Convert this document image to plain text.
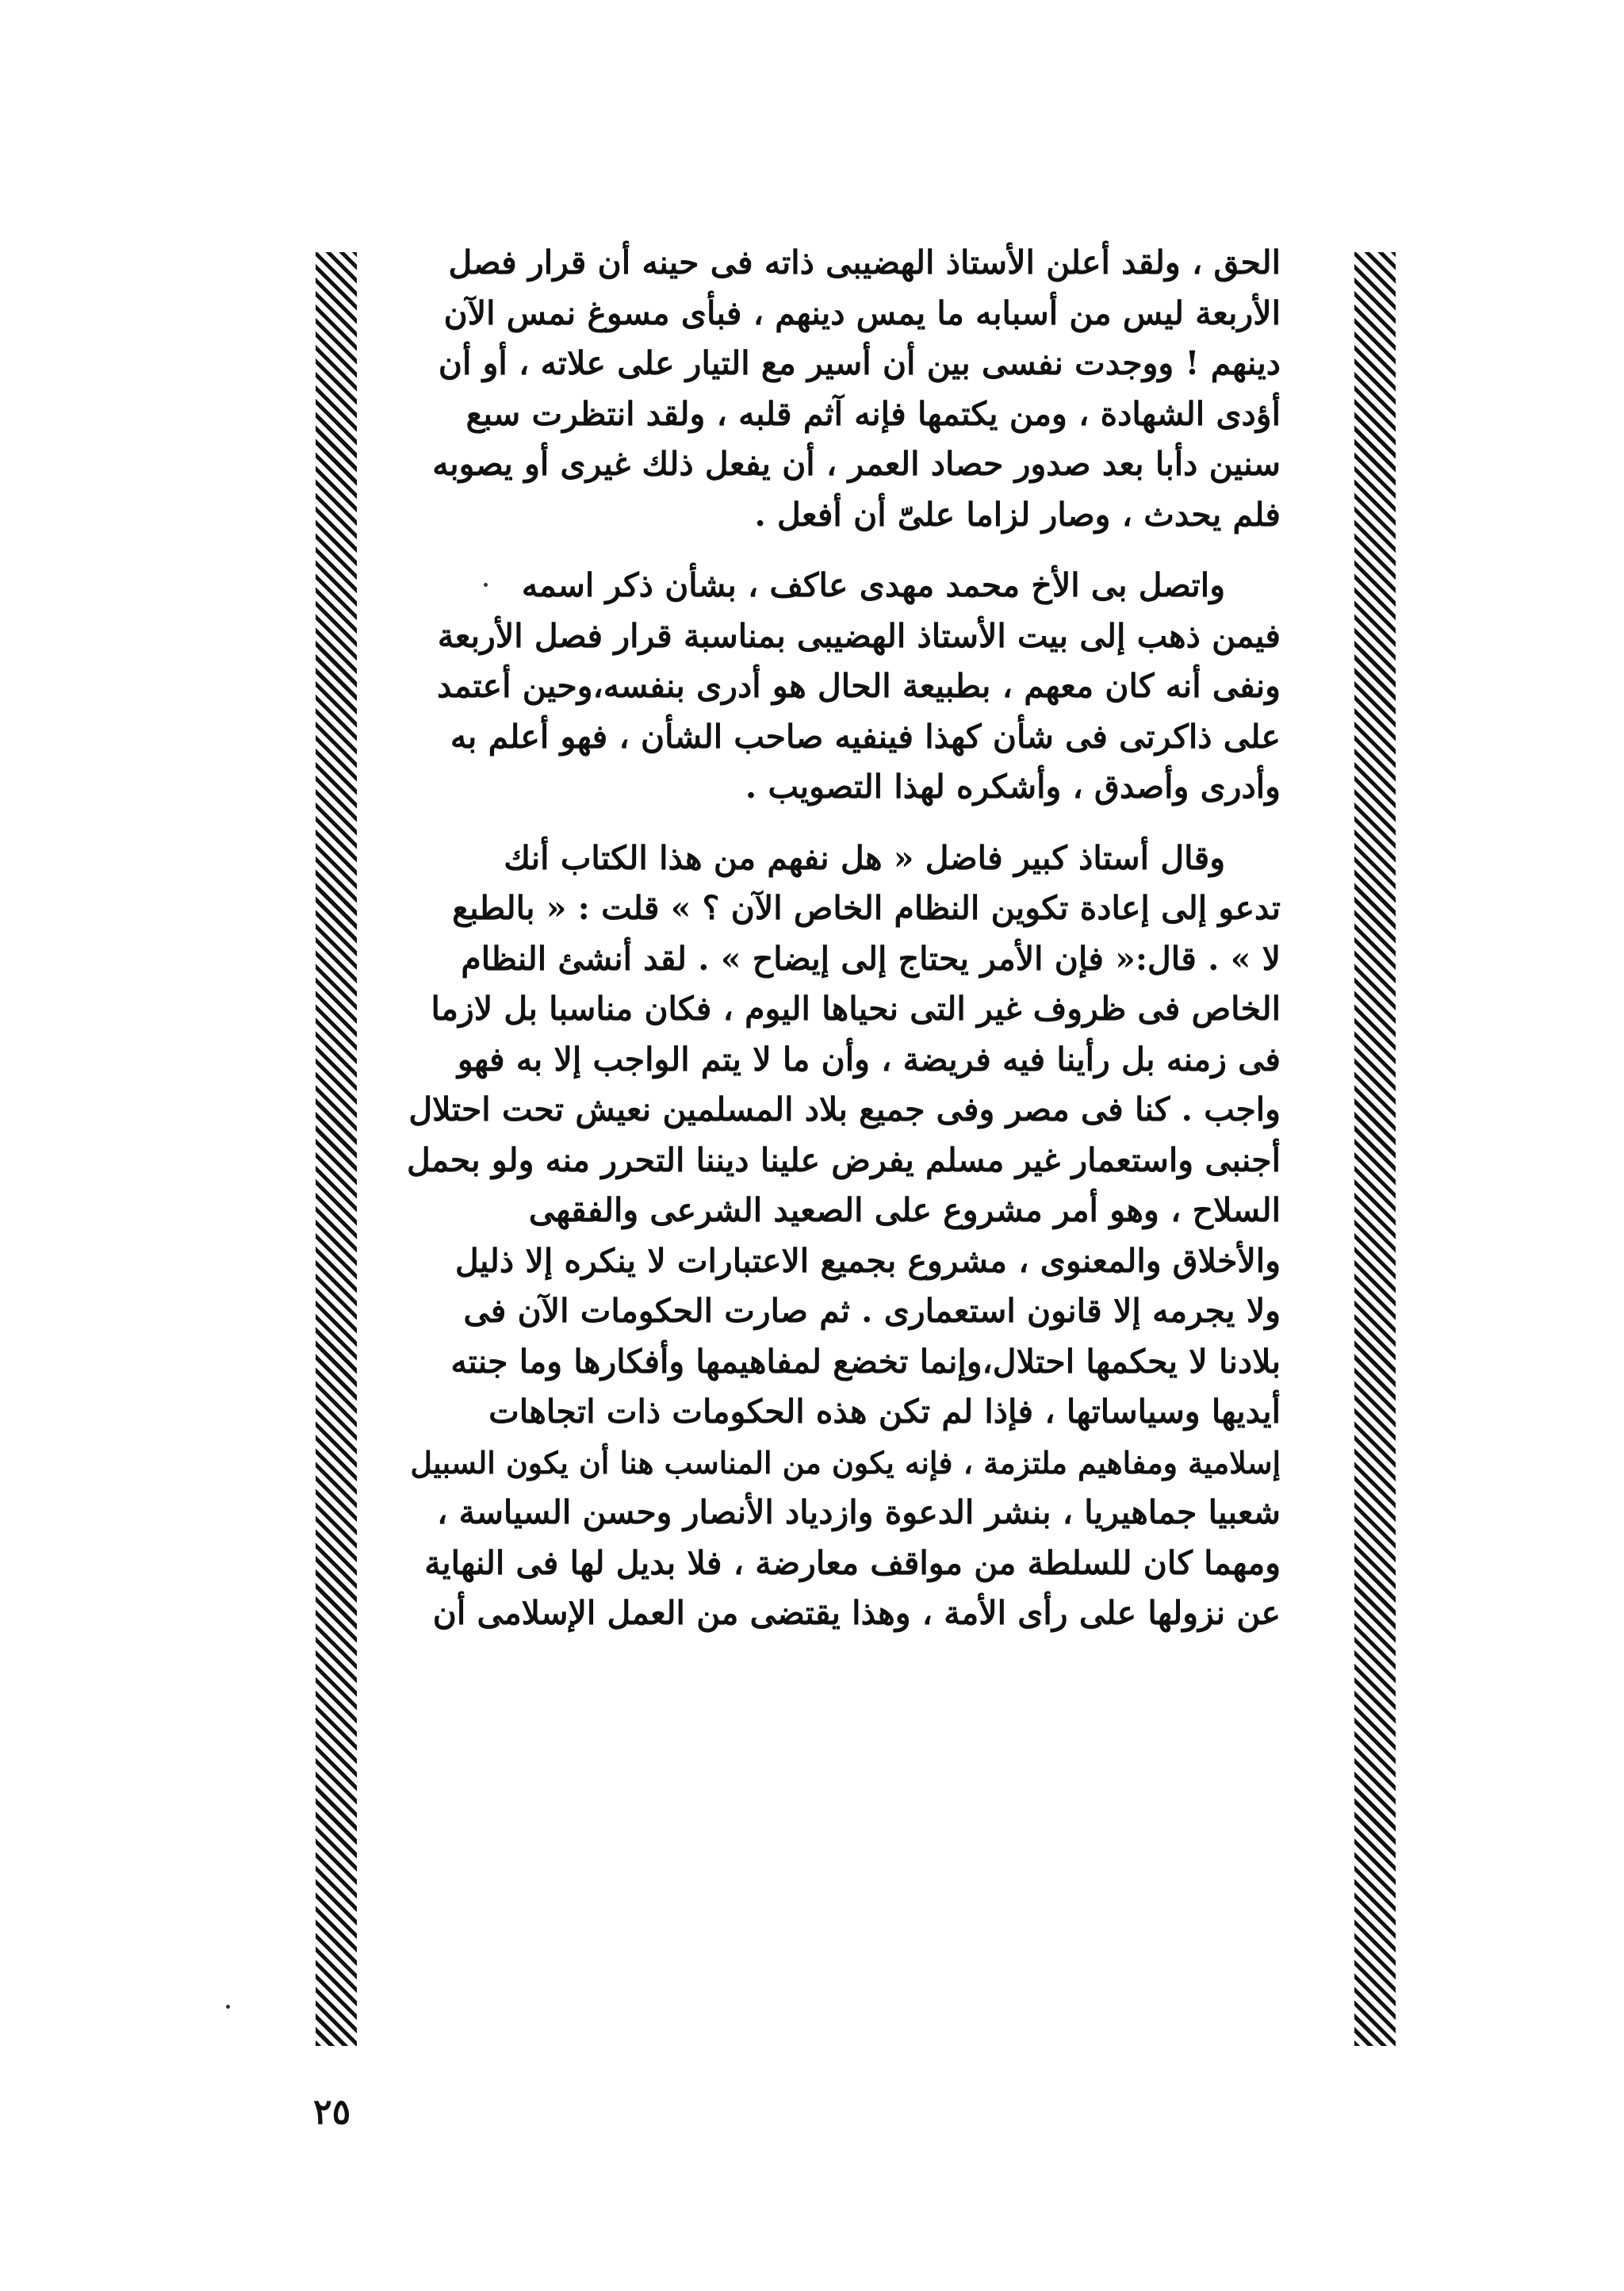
الحق ، ولقد أعلن الأستاذ الهضيبى ذاته فى حينه أن قرار فصل
الأربعة ليس من أسبابه ما يمس دينهم ، فبأى مسوغ نمس الآن
دينهم ! ووجدت نفسى بين أن أسير مع التيار على علاته ، أو أن
أؤدى الشهادة ، ومن يكتمها فإنه آثم قلبه ، ولقد انتظرت سبع
سنين دأبا بعد صدور حصاد العمر ، أن يفعل ذلك غيرى أو يصوبه
فلم يحدث ، وصار لزاما علىّ أن أفعل .

واتصل بى الأخ محمد مهدى عاكف ، بشأن ذكر اسمه
فيمن ذهب إلى بيت الأستاذ الهضيبى بمناسبة قرار فصل الأربعة
ونفى أنه كان معهم ، بطبيعة الحال هو أدرى بنفسه،وحين أعتمد
على ذاكرتى فى شأن كهذا فينفيه صاحب الشأن ، فهو أعلم به
وأدرى وأصدق ، وأشكره لهذا التصويب .

وقال أستاذ كبير فاضل « هل نفهم من هذا الكتاب أنك
تدعو إلى إعادة تكوين النظام الخاص الآن ؟ » قلت : « بالطبع
لا » . قال:« فإن الأمر يحتاج إلى إيضاح » . لقد أنشئ النظام
الخاص فى ظروف غير التى نحياها اليوم ، فكان مناسبا بل لازما
فى زمنه بل رأينا فيه فريضة ، وأن ما لا يتم الواجب إلا به فهو
واجب . كنا فى مصر وفى جميع بلاد المسلمين نعيش تحت احتلال
أجنبى واستعمار غير مسلم يفرض علينا ديننا التحرر منه ولو بحمل
السلاح ، وهو أمر مشروع على الصعيد الشرعى والفقهى
والأخلاق والمعنوى ، مشروع بجميع الاعتبارات لا ينكره إلا ذليل
ولا يجرمه إلا قانون استعمارى . ثم صارت الحكومات الآن فى
بلادنا لا يحكمها احتلال،وإنما تخضع لمفاهيمها وأفكارها وما جنته
أيديها وسياساتها ، فإذا لم تكن هذه الحكومات ذات اتجاهات
إسلامية ومفاهيم ملتزمة ، فإنه يكون من المناسب هنا أن يكون السبيل
شعبيا جماهيريا ، بنشر الدعوة وازدياد الأنصار وحسن السياسة ،
ومهما كان للسلطة من مواقف معارضة ، فلا بديل لها فى النهاية
عن نزولها على رأى الأمة ، وهذا يقتضى من العمل الإسلامى أن

٢٥
